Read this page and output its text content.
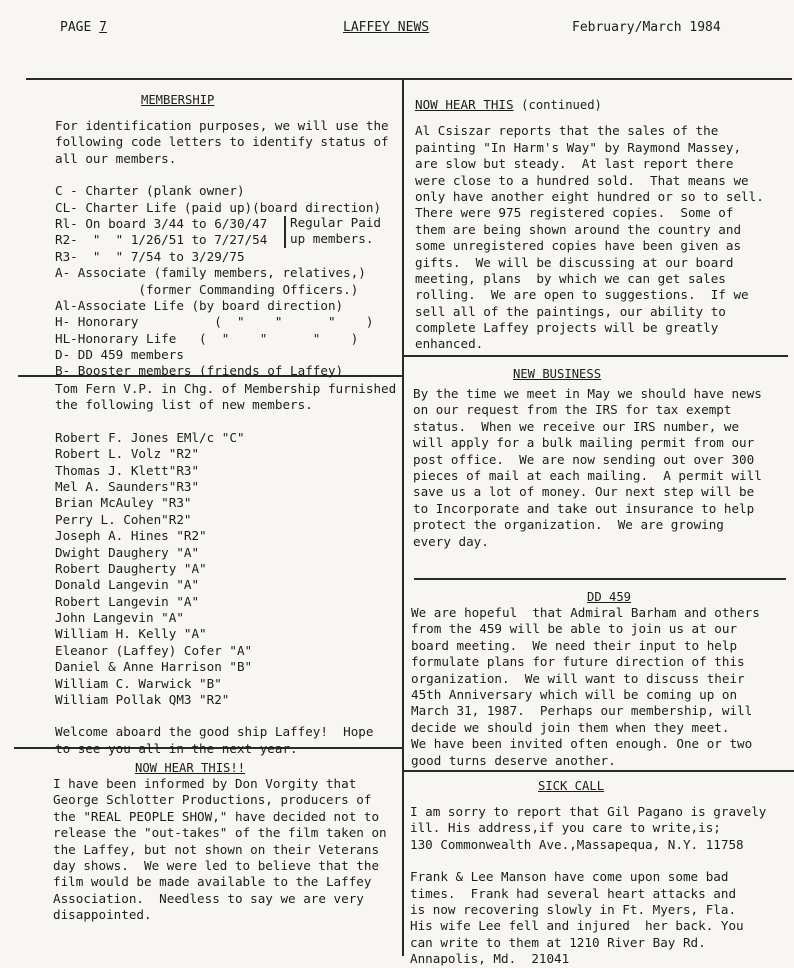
PAGE 7	LAFFEY NEWS	February/March 1984
MEMBERSHIP
For identification purposes, we will use the
following code letters to identify status of
all our members.
C - Charter (plank owner)
CL- Charter Life (paid up)(board direction)
Rl- On board 3/44 to 6/30/47
R2-  "  " 1/26/51 to 7/27/54
R3-  "  " 7/54 to 3/29/75
A- Associate (family members, relatives,)
(former Commanding Officers.)
Al-Associate Life (by board direction)
H- Honorary          (  "    "      "    )
HL-Honorary Life   (  "    "      "    )
D- DD 459 members
B- Booster members (friends of Laffey)
Regular Paid
up members.
Tom Fern V.P. in Chg. of Membership furnished
the following list of new members.
Robert F. Jones EMl/c "C"
Robert L. Volz "R2"
Thomas J. Klett"R3"
Mel A. Saunders"R3"
Brian McAuley "R3"
Perry L. Cohen"R2"
Joseph A. Hines "R2"
Dwight Daughery "A"
Robert Daugherty "A"
Donald Langevin "A"
Robert Langevin "A"
John Langevin "A"
William H. Kelly "A"
Eleanor (Laffey) Cofer "A"
Daniel & Anne Harrison "B"
William C. Warwick "B"
William Pollak QM3 "R2"
Welcome aboard the good ship Laffey!  Hope
to see you all in the next year.
NOW HEAR THIS!!
I have been informed by Don Vorgity that
George Schlotter Productions, producers of
the "REAL PEOPLE SHOW," have decided not to
release the "out-takes" of the film taken on
the Laffey, but not shown on their Veterans
day shows.  We were led to believe that the
film would be made available to the Laffey
Association.  Needless to say we are very
disappointed.
NOW HEAR THIS (continued)
Al Csiszar reports that the sales of the
painting "In Harm's Way" by Raymond Massey,
are slow but steady.  At last report there
were close to a hundred sold.  That means we
only have another eight hundred or so to sell.
There were 975 registered copies.  Some of
them are being shown around the country and
some unregistered copies have been given as
gifts.  We will be discussing at our board
meeting, plans  by which we can get sales
rolling.  We are open to suggestions.  If we
sell all of the paintings, our ability to
complete Laffey projects will be greatly
enhanced.
NEW BUSINESS
By the time we meet in May we should have news
on our request from the IRS for tax exempt
status.  When we receive our IRS number, we
will apply for a bulk mailing permit from our
post office.  We are now sending out over 300
pieces of mail at each mailing.  A permit will
save us a lot of money. Our next step will be
to Incorporate and take out insurance to help
protect the organization.  We are growing
every day.
DD 459
We are hopeful  that Admiral Barham and others
from the 459 will be able to join us at our
board meeting.  We need their input to help
formulate plans for future direction of this
organization.  We will want to discuss their
45th Anniversary which will be coming up on
March 31, 1987.  Perhaps our membership, will
decide we should join them when they meet.
We have been invited often enough. One or two
good turns deserve another.
SICK CALL
I am sorry to report that Gil Pagano is gravely
ill. His address,if you care to write,is;
130 Commonwealth Ave.,Massapequa, N.Y. 11758
Frank & Lee Manson have come upon some bad
times.  Frank had several heart attacks and
is now recovering slowly in Ft. Myers, Fla.
His wife Lee fell and injured  her back. You
can write to them at 1210 River Bay Rd.
Annapolis, Md.  21041
